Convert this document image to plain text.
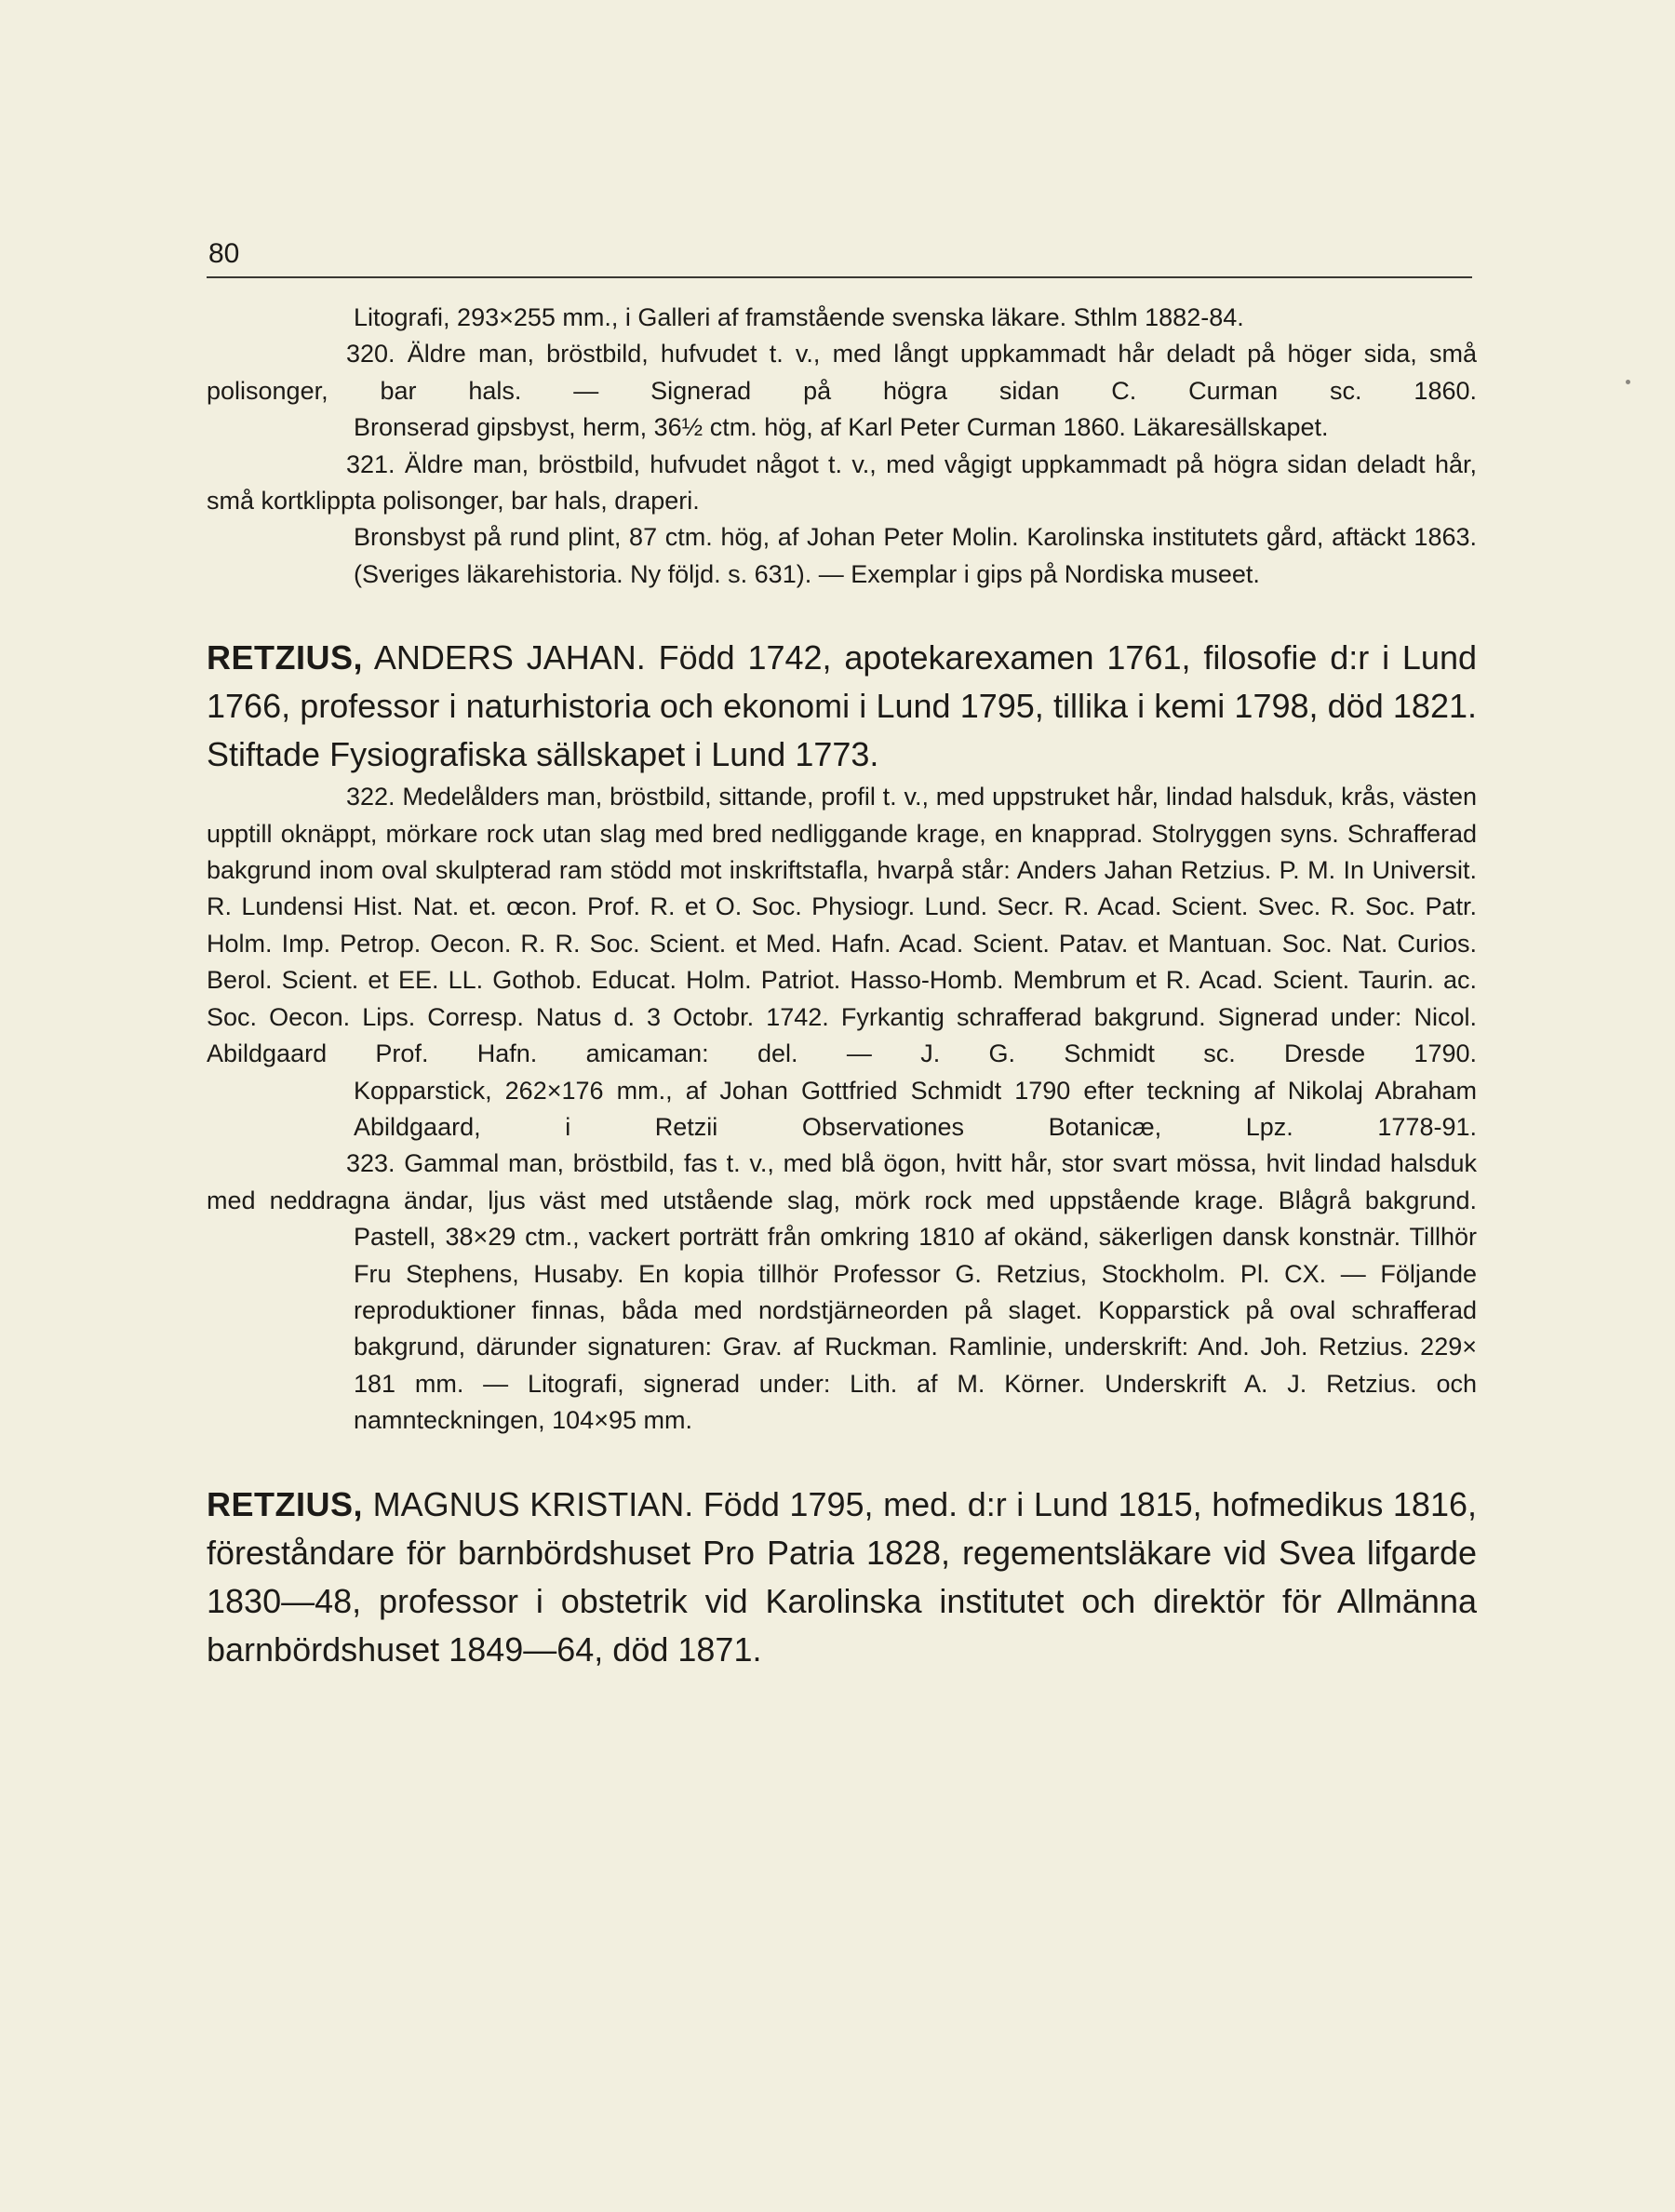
80

Litografi, 293×255 mm., i Galleri af framstående svenska läkare. Sthlm 1882-84.

320. Äldre man, bröstbild, hufvudet t. v., med långt uppkammadt hår deladt på höger sida, små polisonger, bar hals. — Signerad på högra sidan C. Curman sc. 1860.

Bronserad gipsbyst, herm, 36½ ctm. hög, af Karl Peter Curman 1860. Läkaresällskapet.

321. Äldre man, bröstbild, hufvudet något t. v., med vågigt uppkammadt på högra sidan deladt hår, små kortklippta polisonger, bar hals, draperi.

Bronsbyst på rund plint, 87 ctm. hög, af Johan Peter Molin. Karolinska institutets gård, aftäckt 1863. (Sveriges läkarehistoria. Ny följd. s. 631). — Exemplar i gips på Nordiska museet.

RETZIUS, ANDERS JAHAN. Född 1742, apotekarexamen 1761, filosofie d:r i Lund 1766, professor i naturhistoria och ekonomi i Lund 1795, tillika i kemi 1798, död 1821. Stiftade Fysiografiska sällskapet i Lund 1773.

322. Medelålders man, bröstbild, sittande, profil t. v., med uppstruket hår, lindad halsduk, krås, västen upptill oknäppt, mörkare rock utan slag med bred nedliggande krage, en knapprad. Stolryggen syns. Schrafferad bakgrund inom oval skulpterad ram stödd mot inskriftstafla, hvarpå står: Anders Jahan Retzius. P. M. In Universit. R. Lundensi Hist. Nat. et. œcon. Prof. R. et O. Soc. Physiogr. Lund. Secr. R. Acad. Scient. Svec. R. Soc. Patr. Holm. Imp. Petrop. Oecon. R. R. Soc. Scient. et Med. Hafn. Acad. Scient. Patav. et Mantuan. Soc. Nat. Curios. Berol. Scient. et EE. LL. Gothob. Educat. Holm. Patriot. Hasso-Homb. Membrum et R. Acad. Scient. Taurin. ac. Soc. Oecon. Lips. Corresp. Natus d. 3 Octobr. 1742. Fyrkantig schrafferad bakgrund. Signerad under: Nicol. Abildgaard Prof. Hafn. amicaman: del. — J. G. Schmidt sc. Dresde 1790.

Kopparstick, 262×176 mm., af Johan Gottfried Schmidt 1790 efter teckning af Nikolaj Abraham Abildgaard, i Retzii Observationes Botanicæ, Lpz. 1778-91.

323. Gammal man, bröstbild, fas t. v., med blå ögon, hvitt hår, stor svart mössa, hvit lindad halsduk med neddragna ändar, ljus väst med utstående slag, mörk rock med uppstående krage. Blågrå bakgrund.

Pastell, 38×29 ctm., vackert porträtt från omkring 1810 af okänd, säkerligen dansk konstnär. Tillhör Fru Stephens, Husaby. En kopia tillhör Professor G. Retzius, Stockholm. Pl. CX. — Följande reproduktioner finnas, båda med nordstjärneorden på slaget. Kopparstick på oval schrafferad bakgrund, därunder signaturen: Grav. af Ruckman. Ramlinie, underskrift: And. Joh. Retzius. 229× 181 mm. — Litografi, signerad under: Lith. af M. Körner. Underskrift A. J. Retzius. och namnteckningen, 104×95 mm.

RETZIUS, MAGNUS KRISTIAN. Född 1795, med. d:r i Lund 1815, hofmedikus 1816, föreståndare för barnbördshuset Pro Patria 1828, regementsläkare vid Svea lifgarde 1830—48, professor i obstetrik vid Karolinska institutet och direktör för Allmänna barnbördshuset 1849—64, död 1871.
